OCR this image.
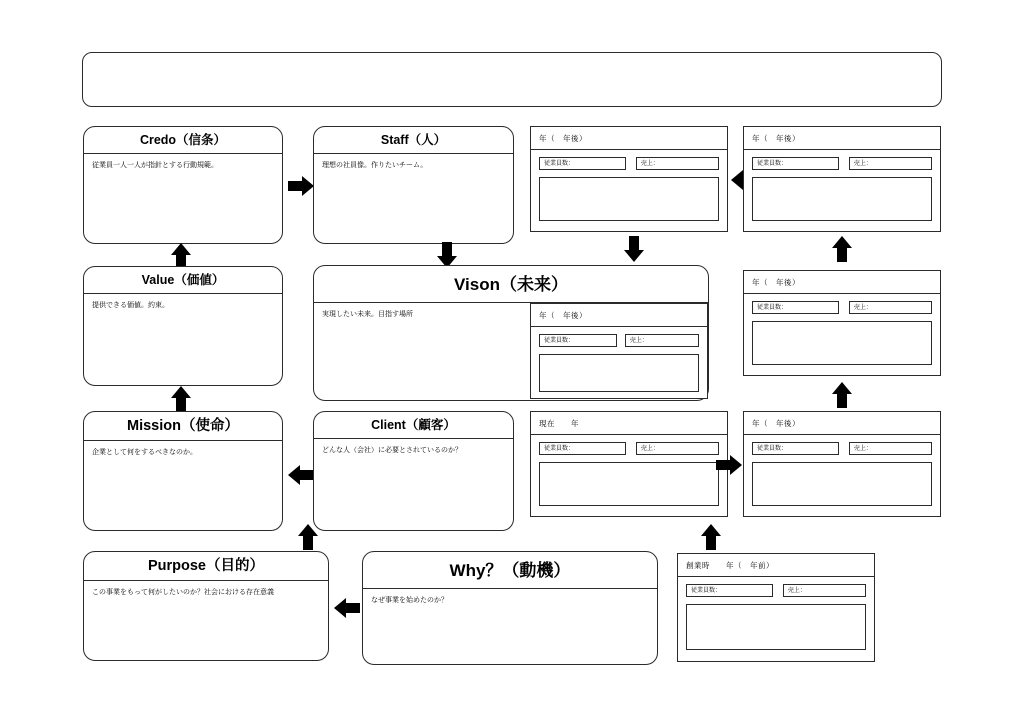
Credo（信条）
従業員一人一人が指針とする行動規範。
Staff（人）
理想の社員像。作りたいチーム。
年（　年後）
従業員数：	売上：
年（　年後）
従業員数：	売上：
Value（価値）
提供できる価値。約束。
Vison（未来）
実現したい未来。目指す場所	年（　年後）
従業員数：	売上：
年（　年後）
従業員数：	売上：
Mission（使命）
企業として何をするべきなのか。
Client（顧客）
どんな人（会社）に必要とされているのか？
現在　　年
従業員数：	売上：
年（　年後）
従業員数：	売上：
Purpose（目的）
この事業をもって何がしたいのか？社会における存在意義
Why？（動機）
なぜ事業を始めたのか？
創業時　　年（　年前）
従業員数：	売上：
